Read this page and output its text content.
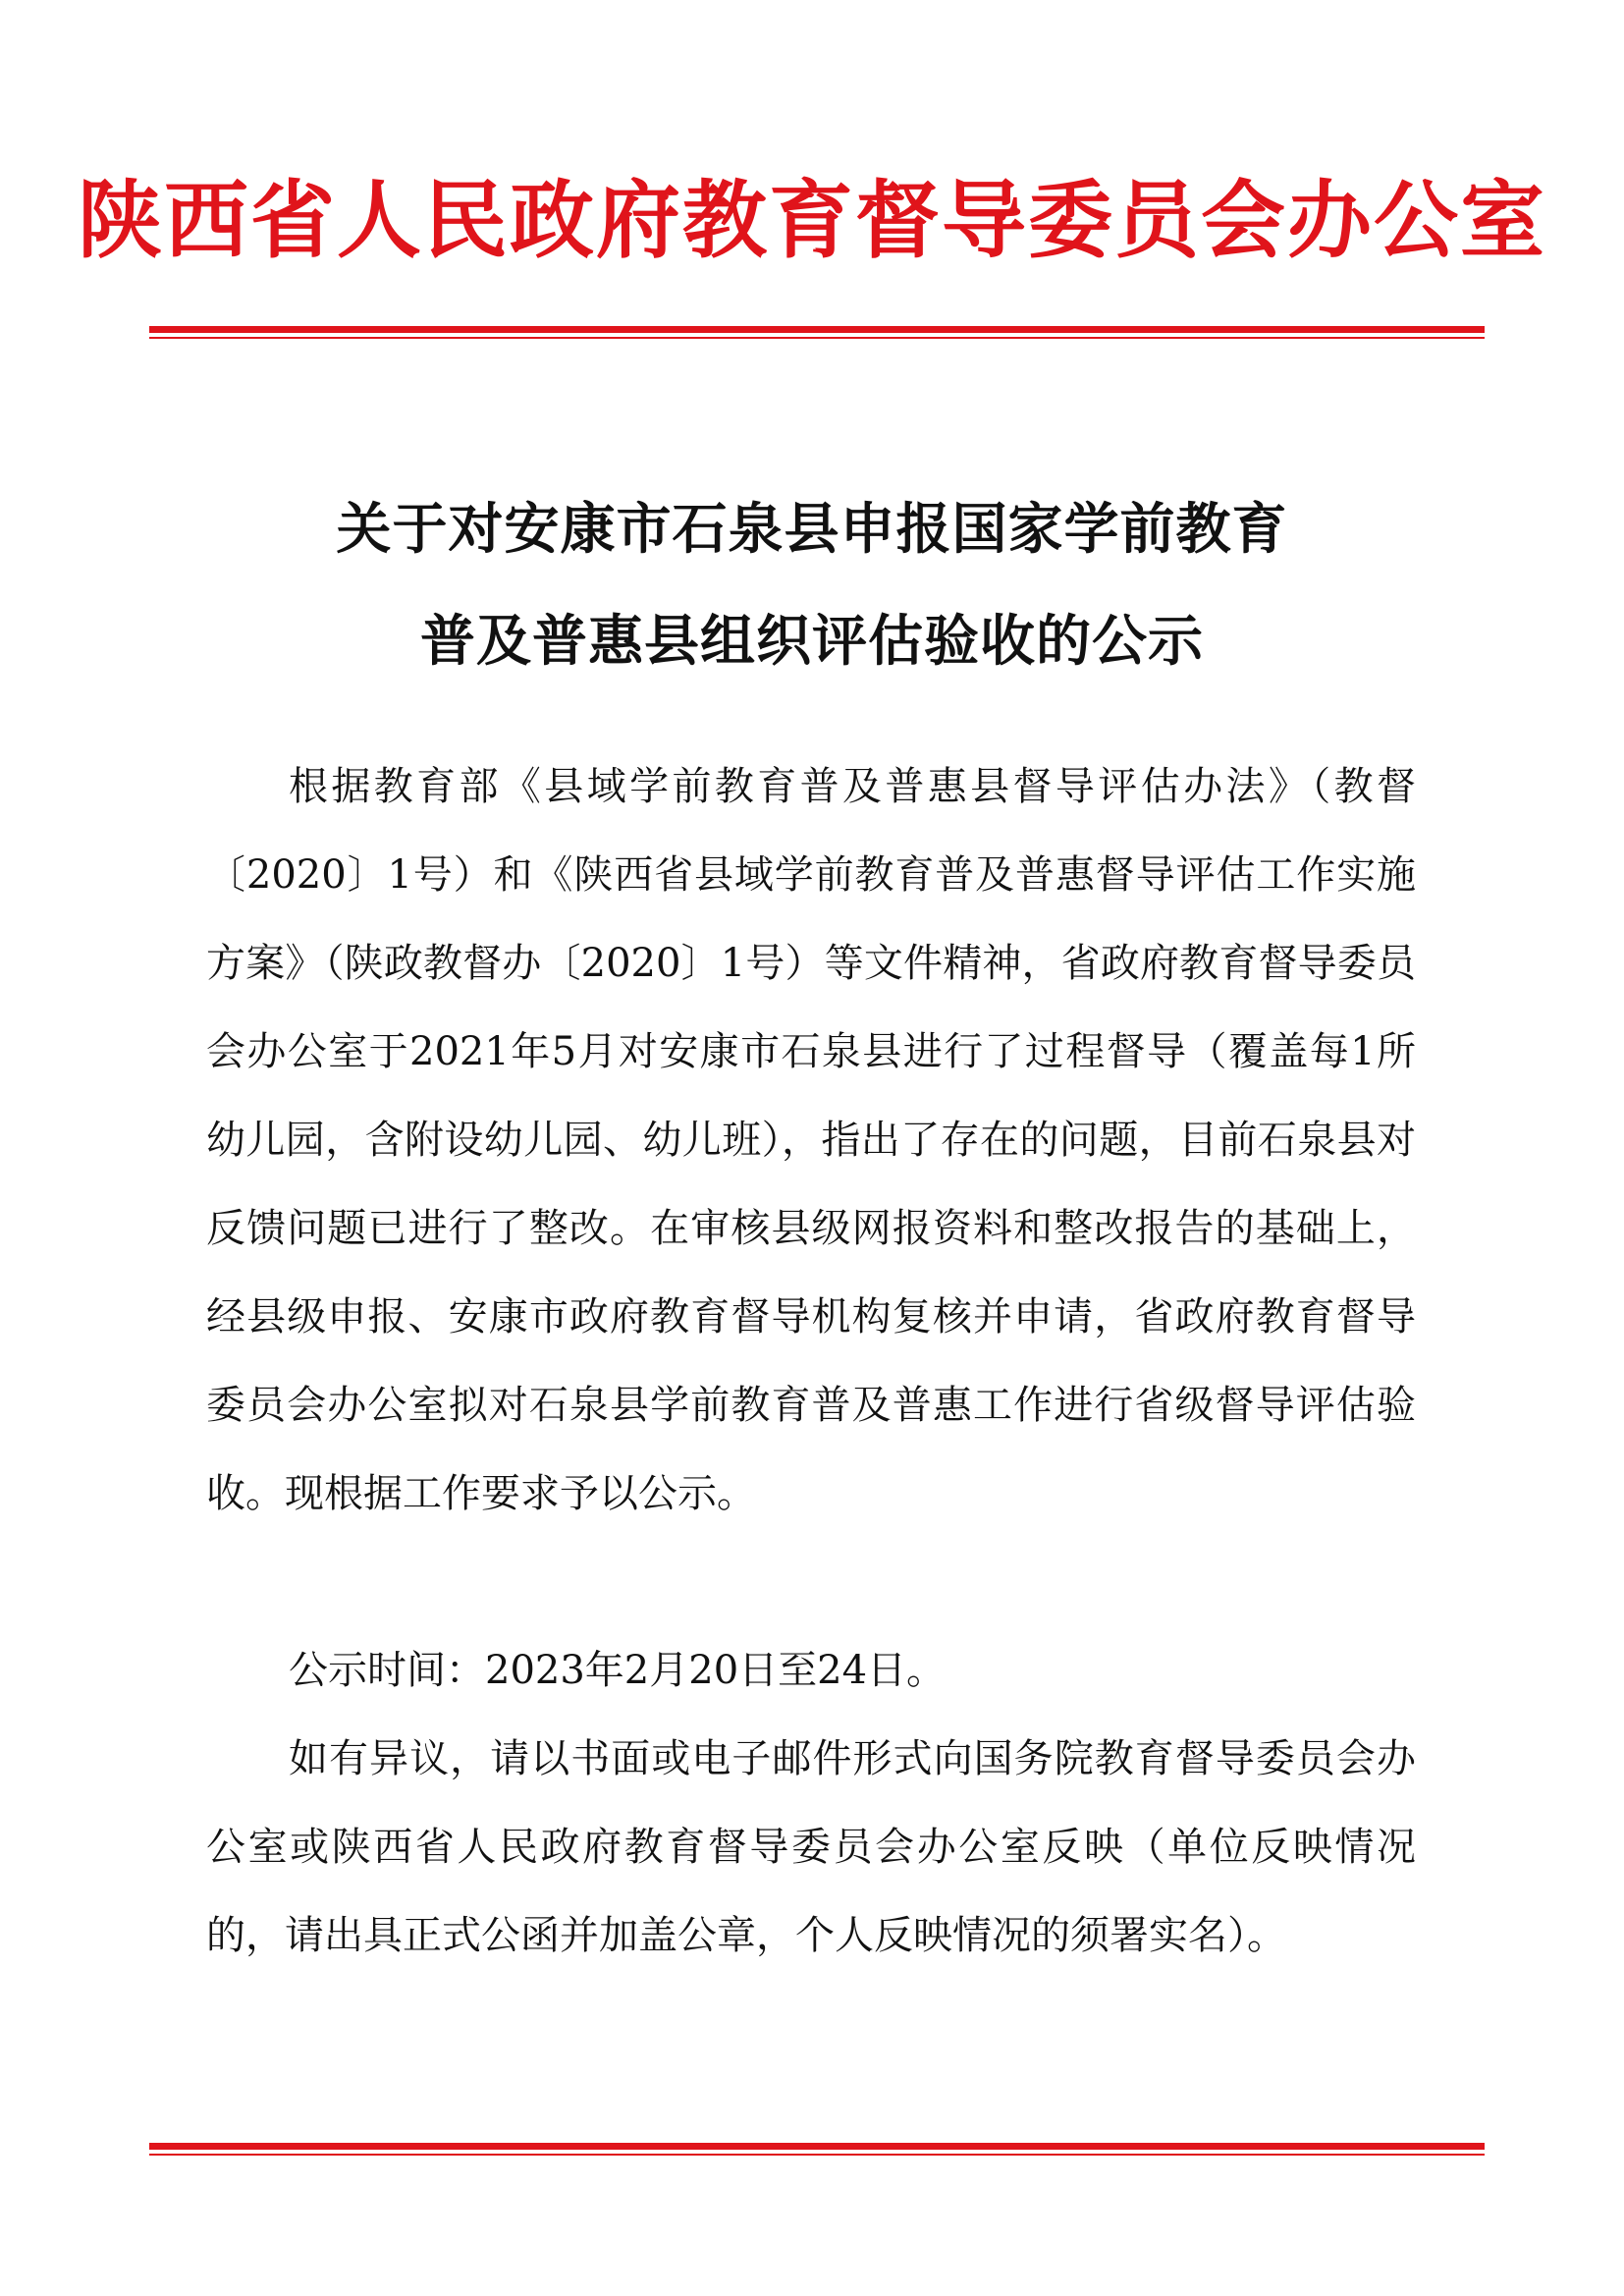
陕西省人民政府教育督导委员会办公室
关于对安康市石泉县申报国家学前教育
普及普惠县组织评估验收的公示

根据教育部《县域学前教育普及普惠县督导评估办法》（教督〔2020〕1号）和《陕西省县域学前教育普及普惠督导评估工作实施方案》（陕政教督办〔2020〕1号）等文件精神，省政府教育督导委员会办公室于2021年5月对安康市石泉县进行了过程督导（覆盖每1所幼儿园，含附设幼儿园、幼儿班），指出了存在的问题，目前石泉县对反馈问题已进行了整改。在审核县级网报资料和整改报告的基础上，经县级申报、安康市政府教育督导机构复核并申请，省政府教育督导委员会办公室拟对石泉县学前教育普及普惠工作进行省级督导评估验收。现根据工作要求予以公示。

公示时间：2023年2月20日至24日。

如有异议，请以书面或电子邮件形式向国务院教育督导委员会办公室或陕西省人民政府教育督导委员会办公室反映（单位反映情况的，请出具正式公函并加盖公章，个人反映情况的须署实名）。
